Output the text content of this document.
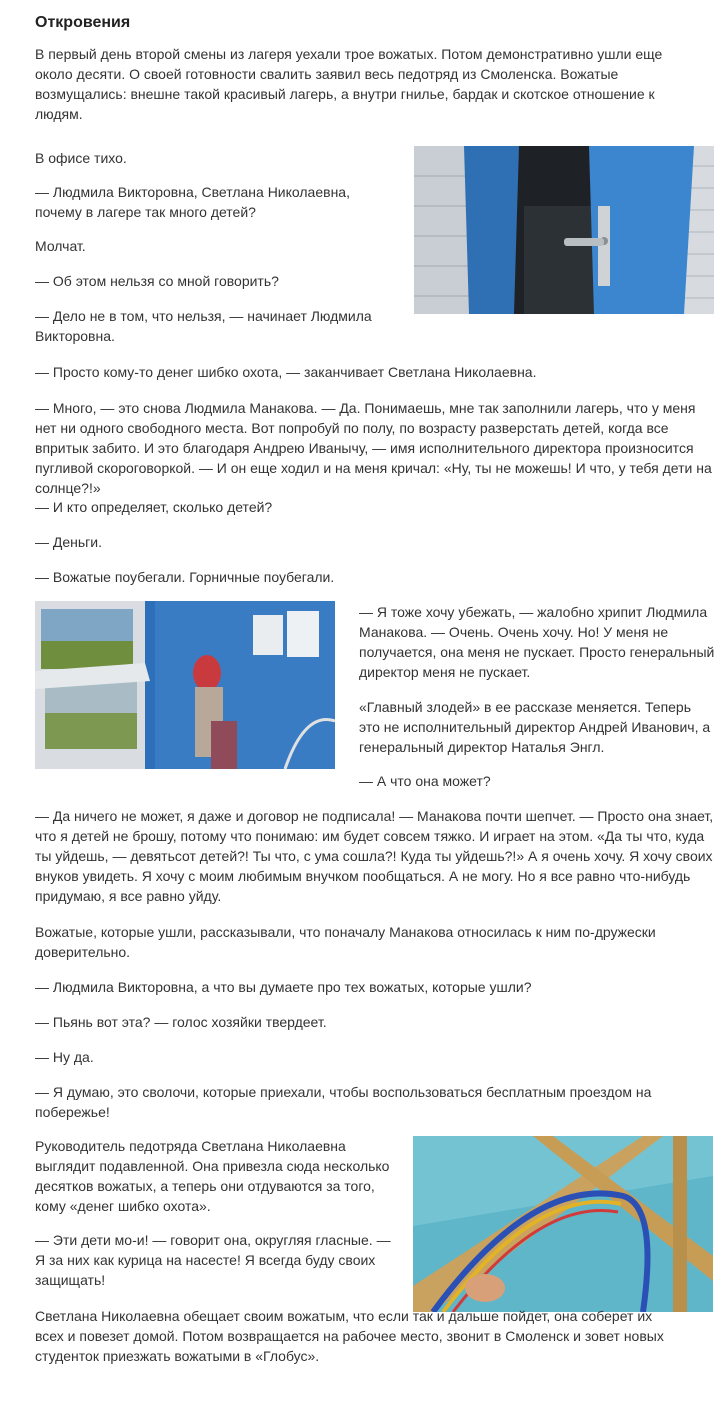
Откровения

В первый день второй смены из лагеря уехали трое вожатых. Потом демонстративно ушли еще около десяти. О своей готовности свалить заявил весь педотряд из Смоленска. Вожатые возмущались: внешне такой красивый лагерь, а внутри гнилье, бардак и скотское отношение к людям.

В офисе тихо.

— Людмила Викторовна, Светлана Николаевна, почему в лагере так много детей?

Молчат.

— Об этом нельзя со мной говорить?

— Дело не в том, что нельзя, — начинает Людмила Викторовна.

— Просто кому-то денег шибко охота, — заканчивает Светлана Николаевна.

— Много, — это снова Людмила Манакова. — Да. Понимаешь, мне так заполнили лагерь, что у меня нет ни одного свободного места. Вот попробуй по полу, по возрасту разверстать детей, когда все впритык забито. И это благодаря Андрею Иванычу, — имя исполнительного директора произносится пугливой скороговоркой. — И он еще ходил и на меня кричал: «Ну, ты не можешь! И что, у тебя дети на солнце?!»

— И кто определяет, сколько детей?

— Деньги.

— Вожатые поубегали. Горничные поубегали.

— Я тоже хочу убежать, — жалобно хрипит Людмила Манакова. — Очень. Очень хочу. Но! У меня не получается, она меня не пускает. Просто генеральный директор меня не пускает.

«Главный злодей» в ее рассказе меняется. Теперь это не исполнительный директор Андрей Иванович, а генеральный директор Наталья Энгл.

— А что она может?

— Да ничего не может, я даже и договор не подписала! — Манакова почти шепчет. — Просто она знает, что я детей не брошу, потому что понимаю: им будет совсем тяжко. И играет на этом. «Да ты что, куда ты уйдешь, — девятьсот детей?! Ты что, с ума сошла?! Куда ты уйдешь?!» А я очень хочу. Я хочу своих внуков увидеть. Я хочу с моим любимым внучком пообщаться. А не могу. Но я все равно что-нибудь придумаю, я все равно уйду.

Вожатые, которые ушли, рассказывали, что поначалу Манакова относилась к ним по-дружески доверительно.

— Людмила Викторовна, а что вы думаете про тех вожатых, которые ушли?

— Пьянь вот эта? — голос хозяйки твердеет.

— Ну да.

— Я думаю, это сволочи, которые приехали, чтобы воспользоваться бесплатным проездом на побережье!

Руководитель педотряда Светлана Николаевна выглядит подавленной. Она привезла сюда несколько десятков вожатых, а теперь они отдуваются за того, кому «денег шибко охота».

— Эти дети мо-и! — говорит она, округляя гласные. — Я за них как курица на насесте! Я всегда буду своих защищать!

Светлана Николаевна обещает своим вожатым, что если так и дальше пойдет, она соберет их всех и повезет домой. Потом возвращается на рабочее место, звонит в Смоленск и зовет новых студенток приезжать вожатыми в «Глобус».
